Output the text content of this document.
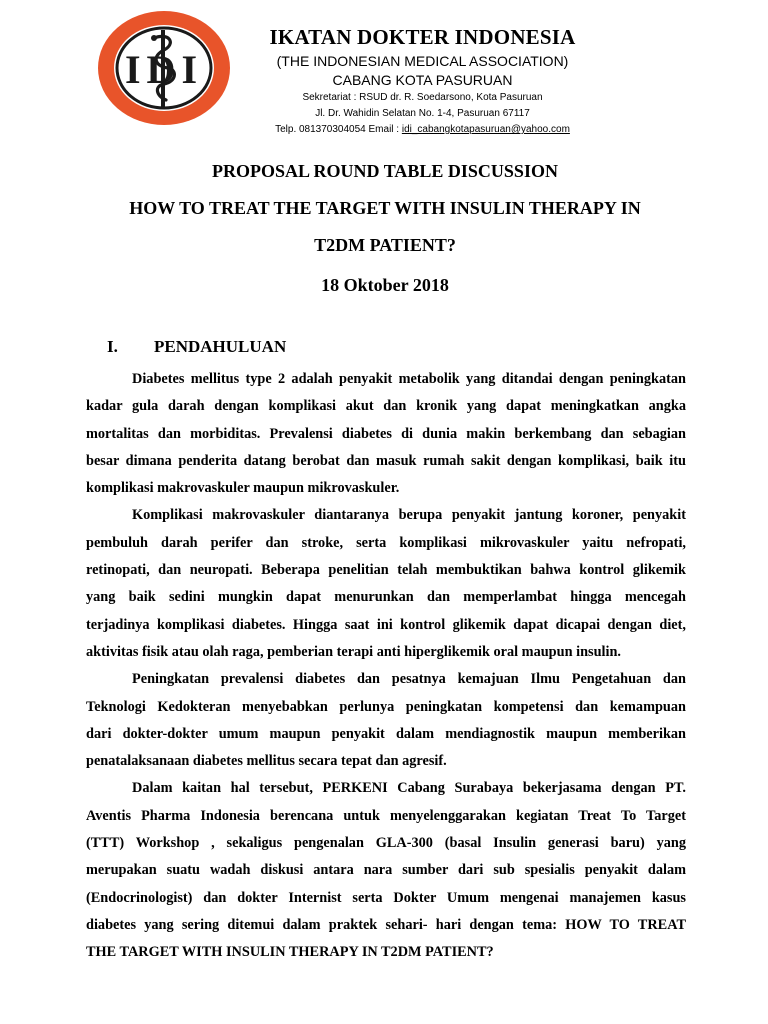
IDI
IKATAN DOKTER INDONESIA
(THE INDONESIAN MEDICAL ASSOCIATION)
CABANG KOTA PASURUAN
Sekretariat : RSUD dr. R. Soedarsono, Kota Pasuruan
Jl. Dr. Wahidin Selatan No. 1-4, Pasuruan 67117
Telp. 081370304054 Email : idi_cabangkotapasuruan@yahoo.com
PROPOSAL ROUND TABLE DISCUSSION
HOW TO TREAT THE TARGET WITH INSULIN THERAPY IN
T2DM PATIENT?
18 Oktober 2018
I. PENDAHULUAN

Diabetes mellitus type 2 adalah penyakit metabolik yang ditandai dengan peningkatan
kadar gula darah dengan komplikasi akut dan kronik yang dapat meningkatkan angka
mortalitas dan morbiditas. Prevalensi diabetes di dunia makin berkembang dan sebagian
besar dimana penderita datang berobat dan masuk rumah sakit dengan komplikasi, baik itu
komplikasi makrovaskuler maupun mikrovaskuler.

Komplikasi makrovaskuler diantaranya berupa penyakit jantung koroner, penyakit
pembuluh darah perifer dan stroke, serta komplikasi mikrovaskuler yaitu nefropati,
retinopati, dan neuropati. Beberapa penelitian telah membuktikan bahwa kontrol glikemik
yang baik sedini mungkin dapat menurunkan dan memperlambat hingga mencegah
terjadinya komplikasi diabetes. Hingga saat ini kontrol glikemik dapat dicapai dengan diet,
aktivitas fisik atau olah raga, pemberian terapi anti hiperglikemik oral maupun insulin.

Peningkatan prevalensi diabetes dan pesatnya kemajuan Ilmu Pengetahuan dan
Teknologi Kedokteran menyebabkan perlunya peningkatan kompetensi dan kemampuan
dari dokter-dokter umum maupun penyakit dalam mendiagnostik maupun memberikan
penatalaksanaan diabetes mellitus secara tepat dan agresif.

Dalam kaitan hal tersebut, PERKENI Cabang Surabaya bekerjasama dengan PT.
Aventis Pharma Indonesia berencana untuk menyelenggarakan kegiatan Treat To Target
(TTT) Workshop , sekaligus pengenalan GLA-300 (basal Insulin generasi baru) yang
merupakan suatu wadah diskusi antara nara sumber dari sub spesialis penyakit dalam
(Endocrinologist) dan dokter Internist serta Dokter Umum mengenai manajemen kasus
diabetes yang sering ditemui dalam praktek sehari- hari dengan tema: HOW TO TREAT
THE TARGET WITH INSULIN THERAPY IN T2DM PATIENT?
